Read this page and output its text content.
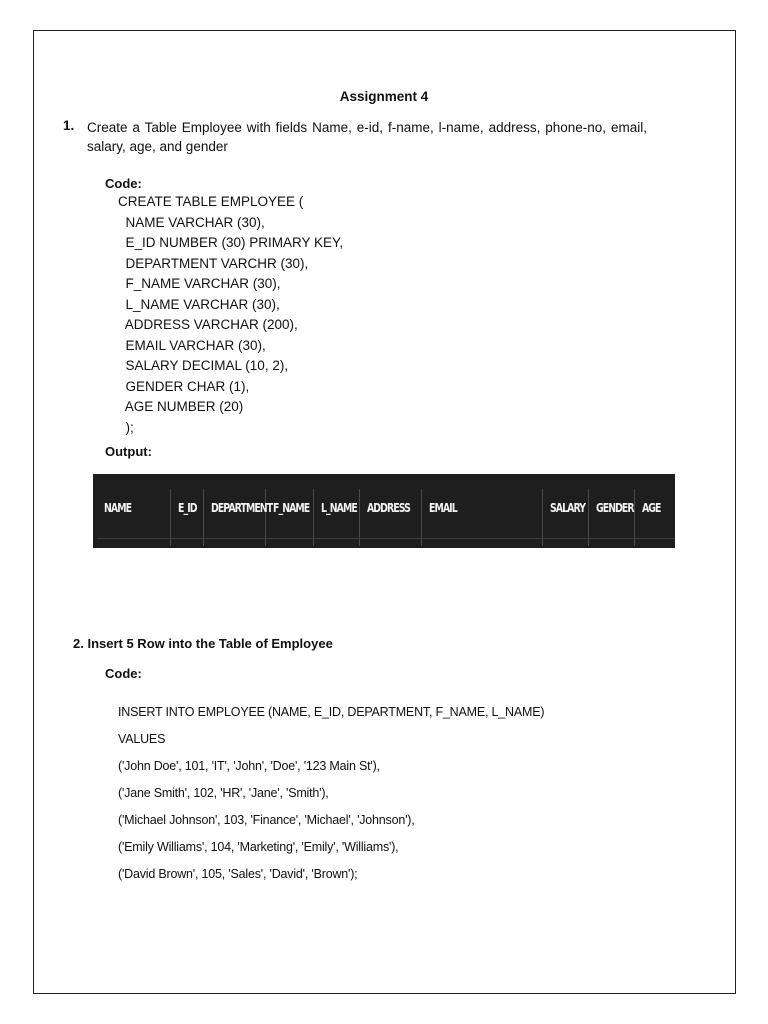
Assignment 4
1. Create a Table Employee with fields Name, e-id, f-name, l-name, address, phone-no, email, salary, age, and gender
Code:
CREATE TABLE EMPLOYEE (
NAME VARCHAR (30),
E_ID NUMBER (30) PRIMARY KEY,
DEPARTMENT VARCHR (30),
F_NAME VARCHAR (30),
L_NAME VARCHAR (30),
ADDRESS VARCHAR (200),
EMAIL VARCHAR (30),
SALARY DECIMAL (10, 2),
GENDER CHAR (1),
AGE NUMBER (20)
);
Output:
NAME	E_ID DEPARTMENT F_NAME L_NAME ADDRESS EMAIL	SALARY GENDER AGE
2. Insert 5 Row into the Table of Employee
Code:
INSERT INTO EMPLOYEE (NAME, E_ID, DEPARTMENT, F_NAME, L_NAME)
VALUES
('John Doe', 101, 'IT', 'John', 'Doe', '123 Main St'),
('Jane Smith', 102, 'HR', 'Jane', 'Smith'),
('Michael Johnson', 103, 'Finance', 'Michael', 'Johnson'),
('Emily Williams', 104, 'Marketing', 'Emily', 'Williams'),
('David Brown', 105, 'Sales', 'David', 'Brown');
